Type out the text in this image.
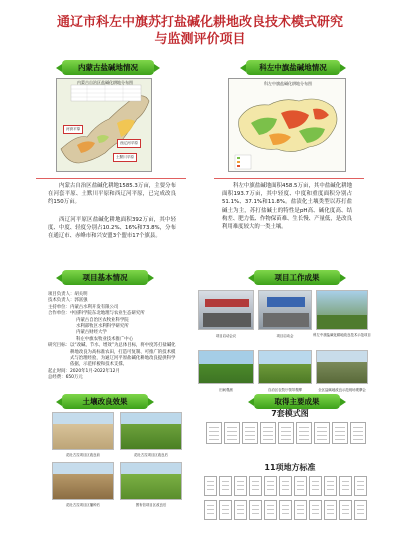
通辽市科左中旗苏打盐碱化耕地改良技术模式研究
与监测评价项目
内蒙古盐碱地情况	科左中旗盐碱地情况
内蒙古自治区盐碱化耕地分布图
河套平原
土默川平原
西辽河平原
科左中旗盐碱化耕地分布图
内蒙古自治区盐碱化耕地1585.3万亩，主要分布在河套平原、土默川平原和西辽河平原，已完成改良约150万亩。
西辽河平原区盐碱化耕地面积392万亩，其中轻度、中度、轻度分别占10.2%、16%和73.8%，分布在通辽市、赤峰市和兴安盟3个盟市17个旗县。
科左中旗盐碱地面积458.5万亩，其中盐碱化耕地面积193.7万亩，其中轻度、中度和重度面积分别占51.1%、37.1%和11.8%。盐渍化土壤类型以苏打盐碱土为主，苏打盐碱土的特性是pH高、碱化度高、结构差、肥力低、作物保苗难、生长慢、产量低，是改良利用难度较大的一类土壤。
项目基本情况
项目负责人： 胡关明
技术负责人： 郭富强
主持单位： 内蒙古水利开发有限公司
合作单位： 中国科学院东北地理与农业生态研究所
内蒙古自治区农牧业科学院
水利部牧区水利科学研究所
内蒙古财经大学
科左中旗农牧业技术推广中心
研究目标： 以“改碱、节水、增效”为总体目标，将中度苏打盐碱化耕地改良为高标准农田，打造可复制、可推广的技术模式与治理经验，为通辽河平原盐碱化耕地改良提供科学依据，示范样板和技术支撑。
起止时间： 2020年1月-2022年12月
总经费： 650万元
项目工作成果
项目启动会议	项目启动会	科左中旗盐碱化耕地改良技术示范项目
田间观测	自治区农牧厅领导观摩	全区盐碱地改良示范现场观摩会
土壤改良效果
花吐古拉项目区改良前	花吐古拉项目区改良后
花吐古拉项目区播种后	图布信项目区改良后
取得主要成果
7套模式图
11项地方标准
